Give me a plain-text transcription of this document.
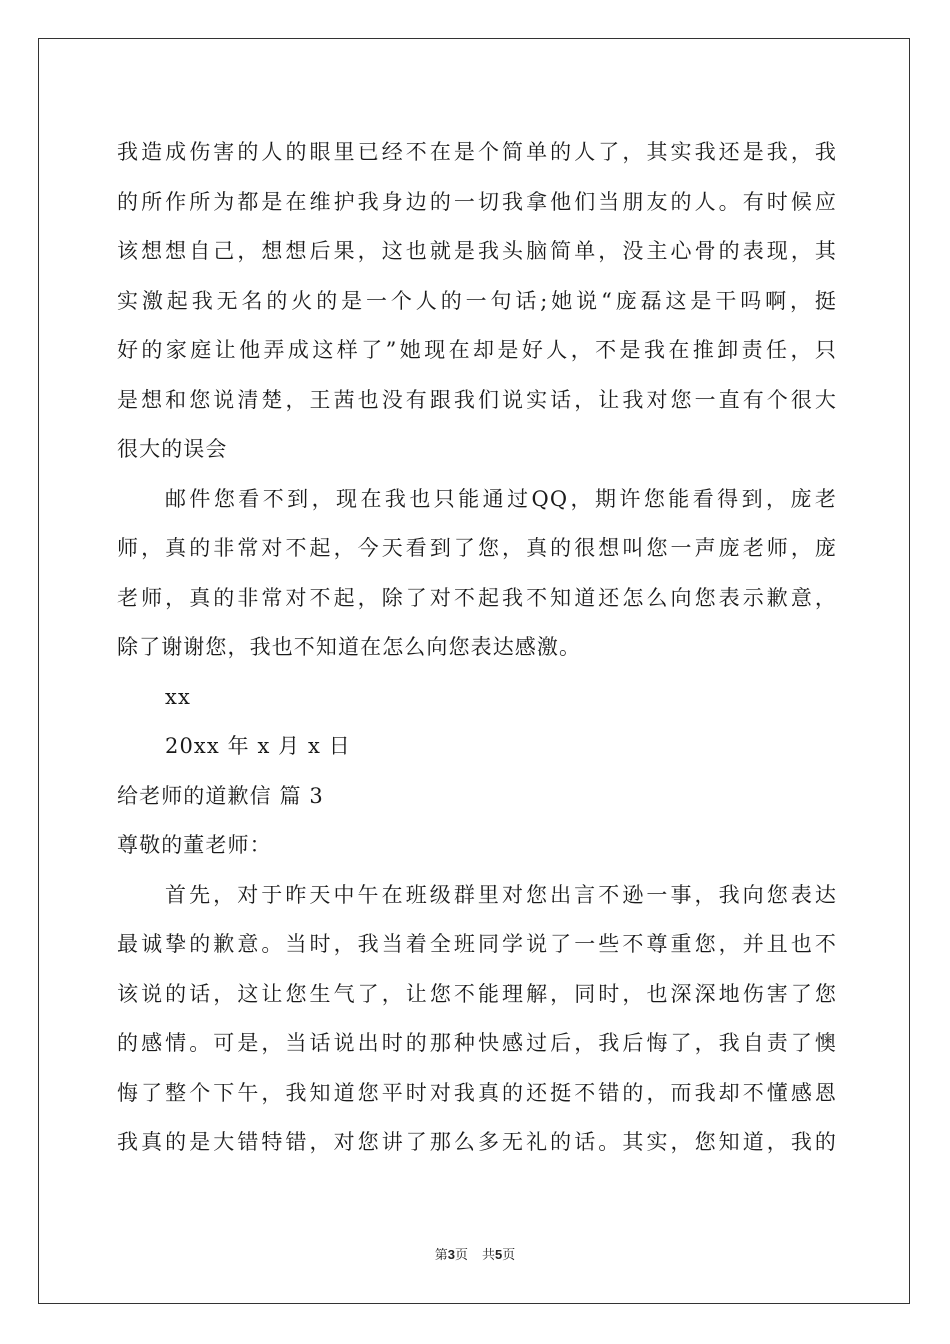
我造成伤害的人的眼里已经不在是个简单的人了，其实我还是我，我
的所作所为都是在维护我身边的一切我拿他们当朋友的人。有时候应
该想想自己，想想后果，这也就是我头脑简单，没主心骨的表现，其
实激起我无名的火的是一个人的一句话;她说“庞磊这是干吗啊，挺
好的家庭让他弄成这样了”她现在却是好人，不是我在推卸责任，只
是想和您说清楚，王茜也没有跟我们说实话，让我对您一直有个很大
很大的误会
邮件您看不到，现在我也只能通过QQ，期许您能看得到，庞老
师，真的非常对不起，今天看到了您，真的很想叫您一声庞老师，庞
老师，真的非常对不起，除了对不起我不知道还怎么向您表示歉意，
除了谢谢您，我也不知道在怎么向您表达感激。
xx
20xx 年 x 月 x 日
给老师的道歉信 篇 3
尊敬的董老师：
首先，对于昨天中午在班级群里对您出言不逊一事，我向您表达
最诚挚的歉意。当时，我当着全班同学说了一些不尊重您，并且也不
该说的话，这让您生气了，让您不能理解，同时，也深深地伤害了您
的感情。可是，当话说出时的那种快感过后，我后悔了，我自责了懊
悔了整个下午，我知道您平时对我真的还挺不错的，而我却不懂感恩
我真的是大错特错，对您讲了那么多无礼的话。其实，您知道，我的
第3页 共5页
